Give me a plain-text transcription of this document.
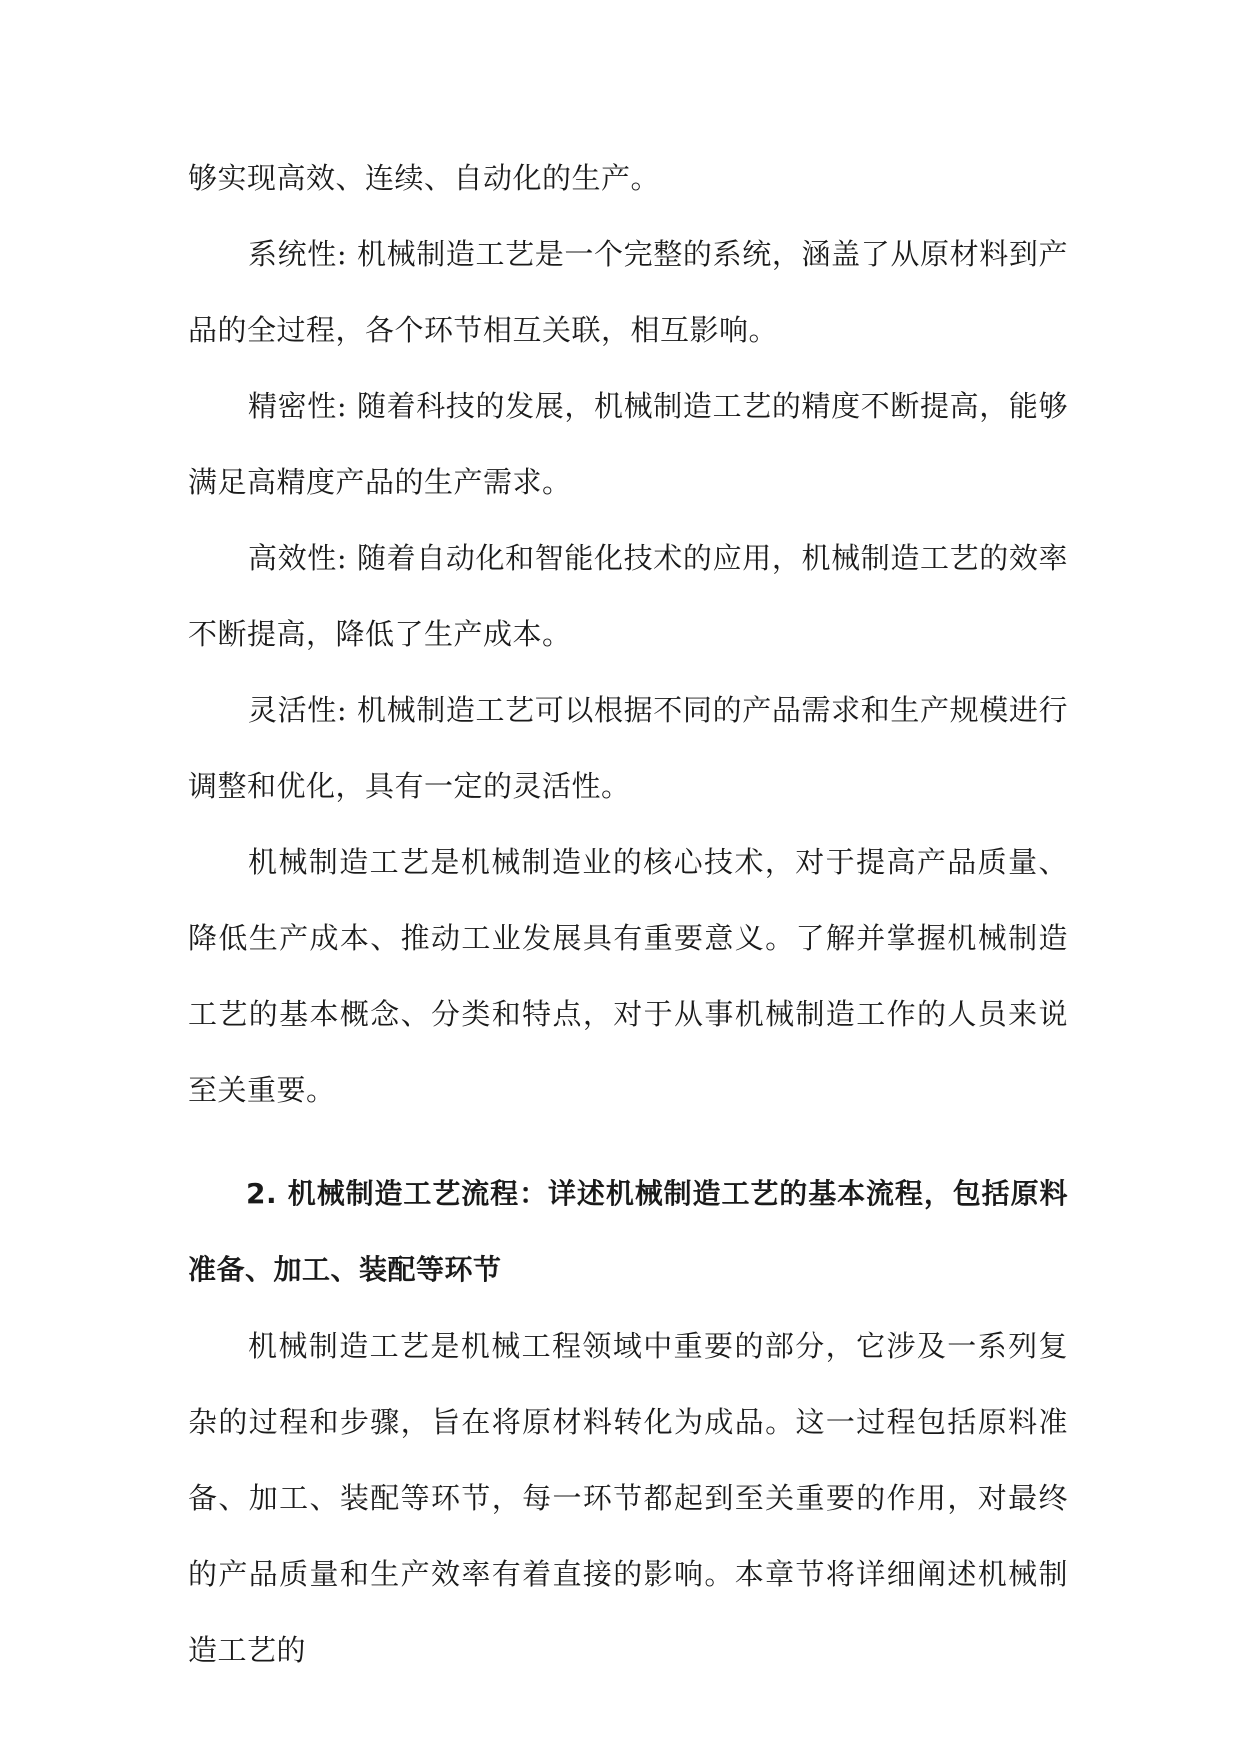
够实现高效、连续、自动化的生产。

系统性: 机械制造工艺是一个完整的系统，涵盖了从原材料到产品的全过程，各个环节相互关联，相互影响。

精密性: 随着科技的发展，机械制造工艺的精度不断提高，能够满足高精度产品的生产需求。

高效性: 随着自动化和智能化技术的应用，机械制造工艺的效率不断提高，降低了生产成本。

灵活性: 机械制造工艺可以根据不同的产品需求和生产规模进行调整和优化，具有一定的灵活性。

机械制造工艺是机械制造业的核心技术，对于提高产品质量、降低生产成本、推动工业发展具有重要意义。了解并掌握机械制造工艺的基本概念、分类和特点，对于从事机械制造工作的人员来说至关重要。

2. 机械制造工艺流程：详述机械制造工艺的基本流程，包括原料准备、加工、装配等环节

机械制造工艺是机械工程领域中重要的部分，它涉及一系列复杂的过程和步骤，旨在将原材料转化为成品。这一过程包括原料准备、加工、装配等环节，每一环节都起到至关重要的作用，对最终的产品质量和生产效率有着直接的影响。本章节将详细阐述机械制造工艺的
